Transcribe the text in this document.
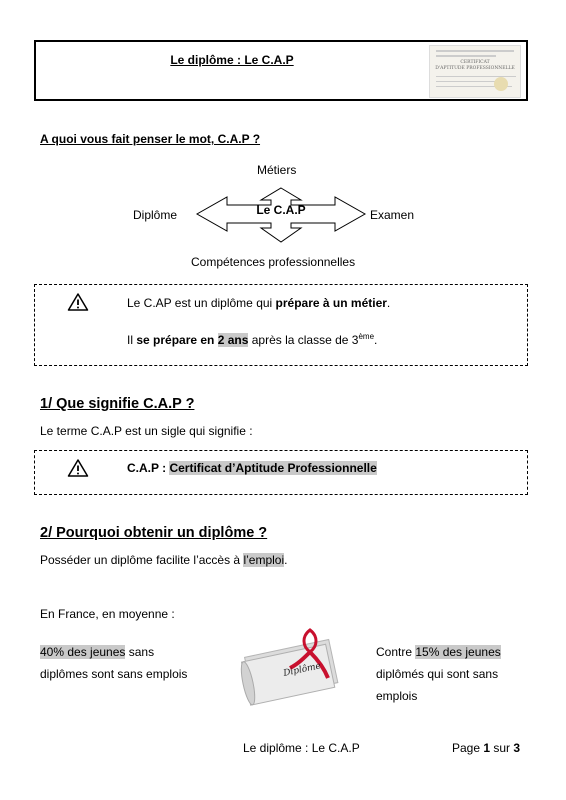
Le diplôme : Le C.A.P	CERTIFICAT
D'APTITUDE PROFESSIONNELLE
A quoi vous fait penser le mot, C.A.P ?
Métiers
Diplôme	Examen
Compétences professionnelles
Le C.A.P
Le C.AP est un diplôme qui prépare à un métier.
Il se prépare en 2 ans après la classe de 3ème.
1/ Que signifie C.A.P ?
Le terme C.A.P est un sigle qui signifie :
C.A.P : Certificat d’Aptitude Professionnelle
2/ Pourquoi obtenir un diplôme ?
Posséder un diplôme facilite l’accès à l’emploi.
En France, en moyenne :
40% des jeunes sans
diplômes sont sans emplois	Diplôme
Contre 15% des jeunes
diplômés qui sont sans
emplois
Le diplôme : Le C.A.P	Page 1 sur 3
